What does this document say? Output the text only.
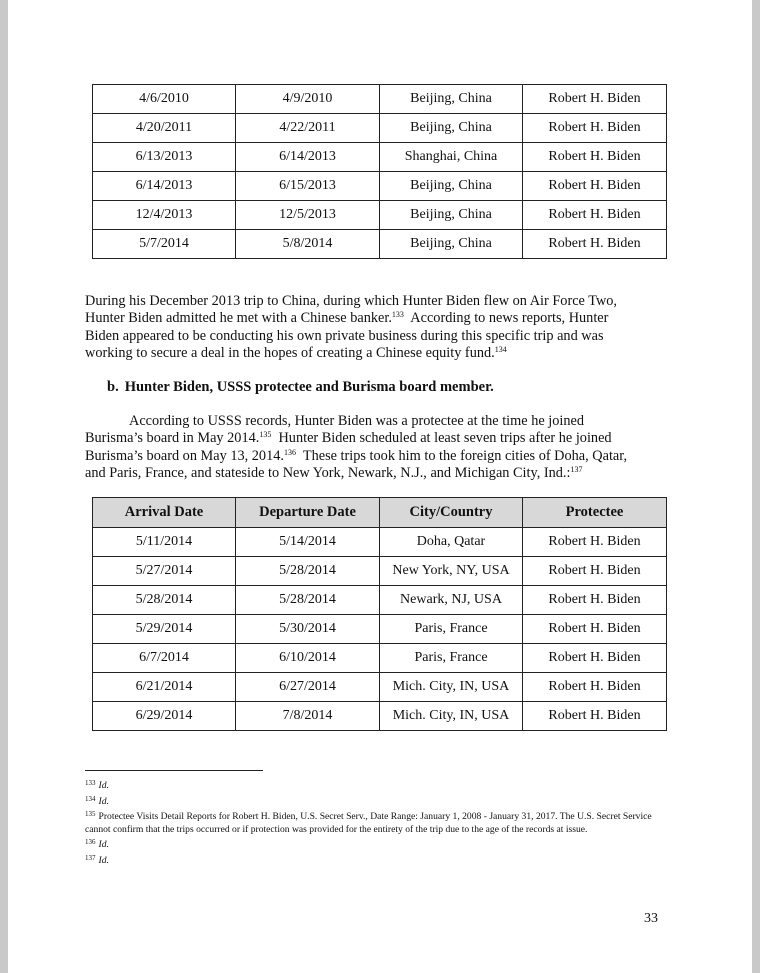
4/6/2010	4/9/2010	Beijing, China	Robert H. Biden
4/20/2011	4/22/2011	Beijing, China	Robert H. Biden
6/13/2013	6/14/2013	Shanghai, China	Robert H. Biden
6/14/2013	6/15/2013	Beijing, China	Robert H. Biden
12/4/2013	12/5/2013	Beijing, China	Robert H. Biden
5/7/2014	5/8/2014	Beijing, China	Robert H. Biden

During his December 2013 trip to China, during which Hunter Biden flew on Air Force Two,
Hunter Biden admitted he met with a Chinese banker.$^{133}$  According to news reports, Hunter
Biden appeared to be conducting his own private business during this specific trip and was
working to secure a deal in the hopes of creating a Chinese equity fund.$^{134}$

b. Hunter Biden, USSS protectee and Burisma board member.

According to USSS records, Hunter Biden was a protectee at the time he joined
Burisma’s board in May 2014.$^{135}$  Hunter Biden scheduled at least seven trips after he joined
Burisma’s board on May 13, 2014.$^{136}$  These trips took him to the foreign cities of Doha, Qatar,
and Paris, France, and stateside to New York, Newark, N.J., and Michigan City, Ind.:$^{137}$

Arrival Date	Departure Date	City/Country	Protectee
5/11/2014	5/14/2014	Doha, Qatar	Robert H. Biden
5/27/2014	5/28/2014	New York, NY, USA	Robert H. Biden
5/28/2014	5/28/2014	Newark, NJ, USA	Robert H. Biden
5/29/2014	5/30/2014	Paris, France	Robert H. Biden
6/7/2014	6/10/2014	Paris, France	Robert H. Biden
6/21/2014	6/27/2014	Mich. City, IN, USA	Robert H. Biden
6/29/2014	7/8/2014	Mich. City, IN, USA	Robert H. Biden
$^{133}$ Id.
$^{134}$ Id.
$^{135}$ Protectee Visits Detail Reports for Robert H. Biden, U.S. Secret Serv., Date Range: January 1, 2008 - January 31, 2017. The U.S. Secret Service cannot confirm that the trips occurred or if protection was provided for the entirety of the trip due to the age of the records at issue.
$^{136}$ Id.
$^{137}$ Id.
33
